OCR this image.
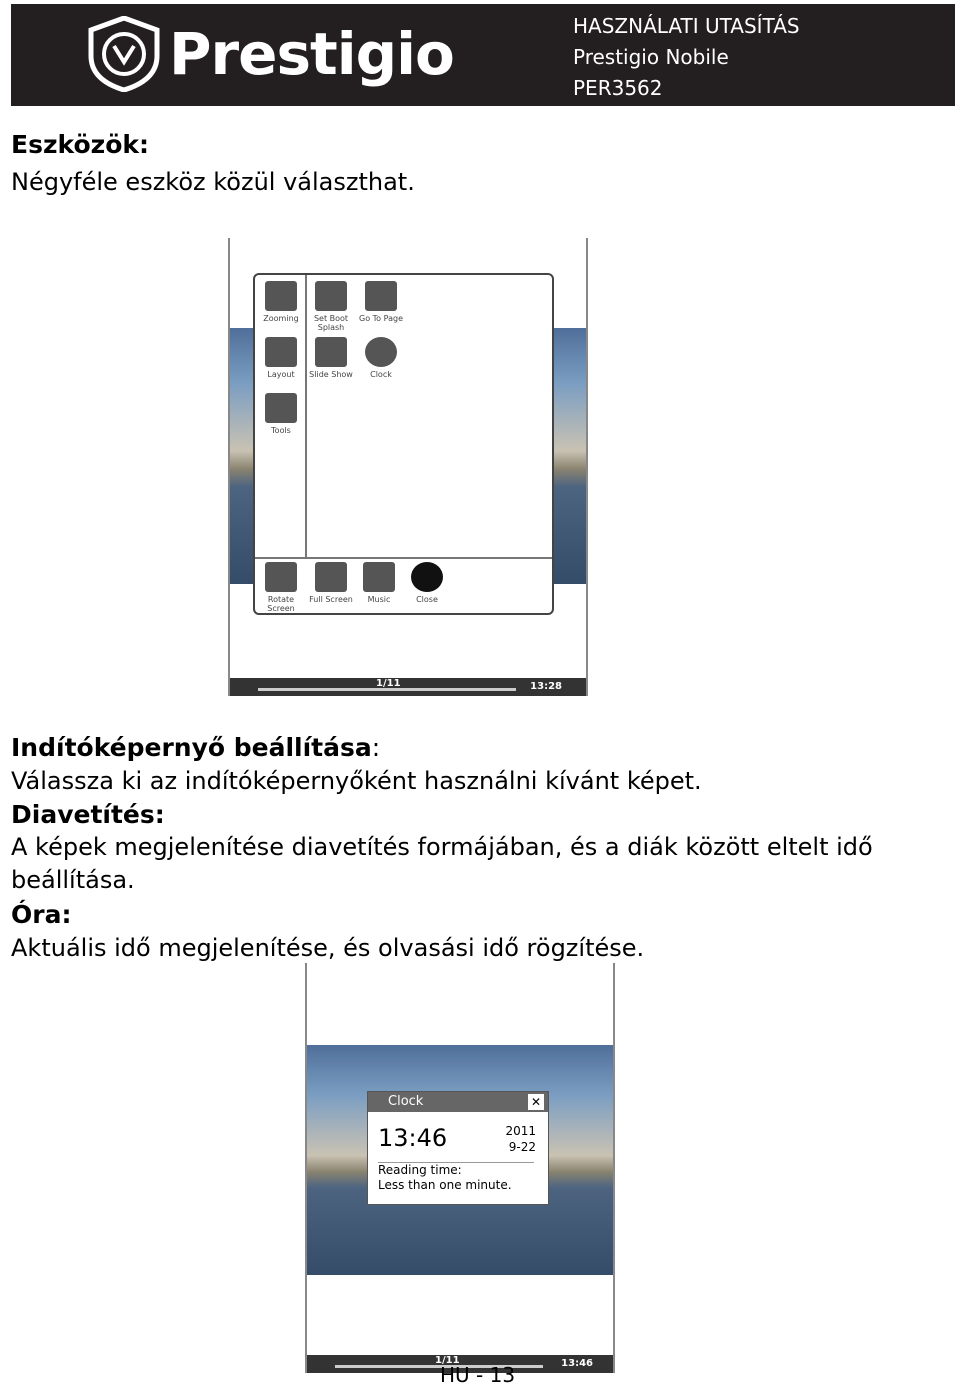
Prestigio	HASZNÁLATI UTASÍTÁS
Prestigio Nobile
PER3562
Eszközök:
Négyféle eszköz közül választhat.
Zooming	Set Boot Splash
Go To Page
Layout	Slide Show	Clock
Tools
Rotate Screen
Full Screen	Music	Close
1/11	13:28
Indítóképernyő beállítása:
Válassza ki az indítóképernyőként használni kívánt képet.
Diavetítés:
A képek megjelenítése diavetítés formájában, és a diák között eltelt idő beállítása.
Óra:
Aktuális idő megjelenítése, és olvasási idő rögzítése.
Clock	✕
13:46	2011
9-22
Reading time:
Less than one minute.
1/11	13:46
HU - 13
